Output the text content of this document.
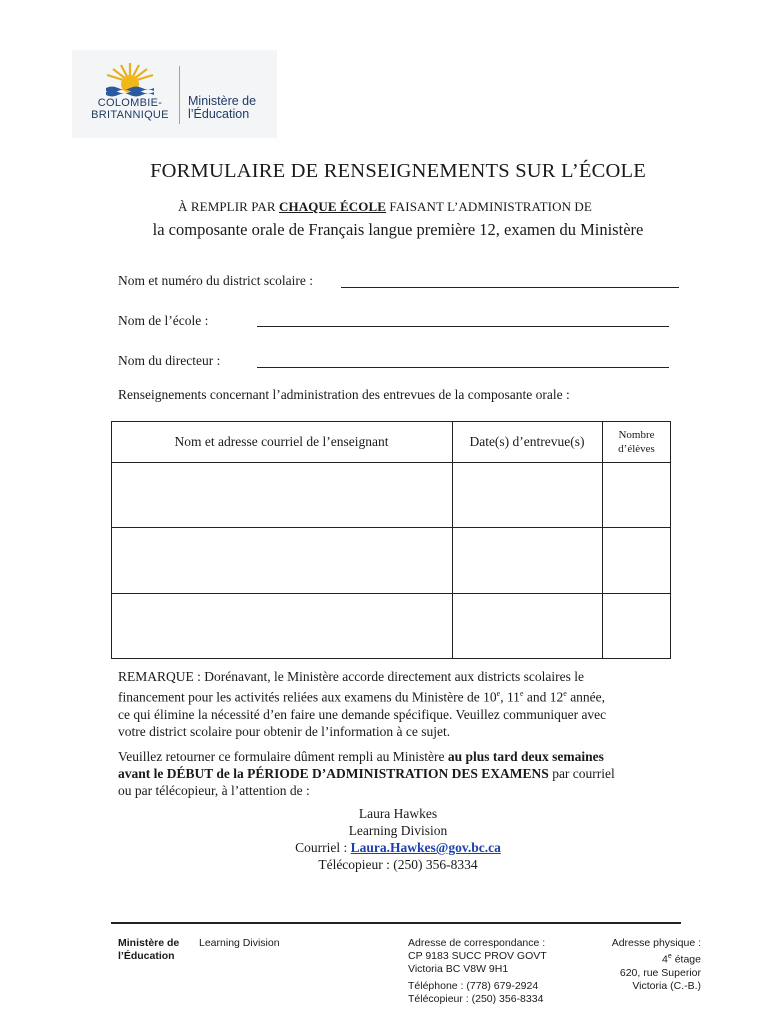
COLOMBIE-
BRITANNIQUE
Ministère de
l’Éducation
FORMULAIRE DE RENSEIGNEMENTS SUR L’ÉCOLE
À REMPLIR PAR CHAQUE ÉCOLE FAISANT L’ADMINISTRATION DE
la composante orale de Français langue première 12, examen du Ministère
Nom et numéro du district scolaire :
Nom de l’école :
Nom du directeur :
Renseignements concernant l’administration des entrevues de la composante orale :
Nom et adresse courriel de l’enseignant	Date(s) d’entrevue(s)	Nombre
d’élèves
REMARQUE : Dorénavant, le Ministère accorde directement aux districts scolaires le
financement pour les activités reliées aux examens du Ministère de 10e, 11e and 12e année,
ce qui élimine la nécessité d’en faire une demande spécifique. Veuillez communiquer avec
votre district scolaire pour obtenir de l’information à ce sujet.
Veuillez retourner ce formulaire dûment rempli au Ministère au plus tard deux semaines
avant le DÉBUT de la PÉRIODE D’ADMINISTRATION DES EXAMENS par courriel
ou par télécopieur, à l’attention de :
Laura Hawkes
Learning Division
Courriel : Laura.Hawkes@gov.bc.ca
Télécopieur : (250) 356-8334
Ministère de
l’Éducation
Learning Division	Adresse de correspondance :
CP 9183 SUCC PROV GOVT
Victoria BC V8W 9H1
Téléphone : (778) 679-2924
Télécopieur : (250) 356-8334
Adresse physique :
4e étage
620, rue Superior
Victoria (C.-B.)
